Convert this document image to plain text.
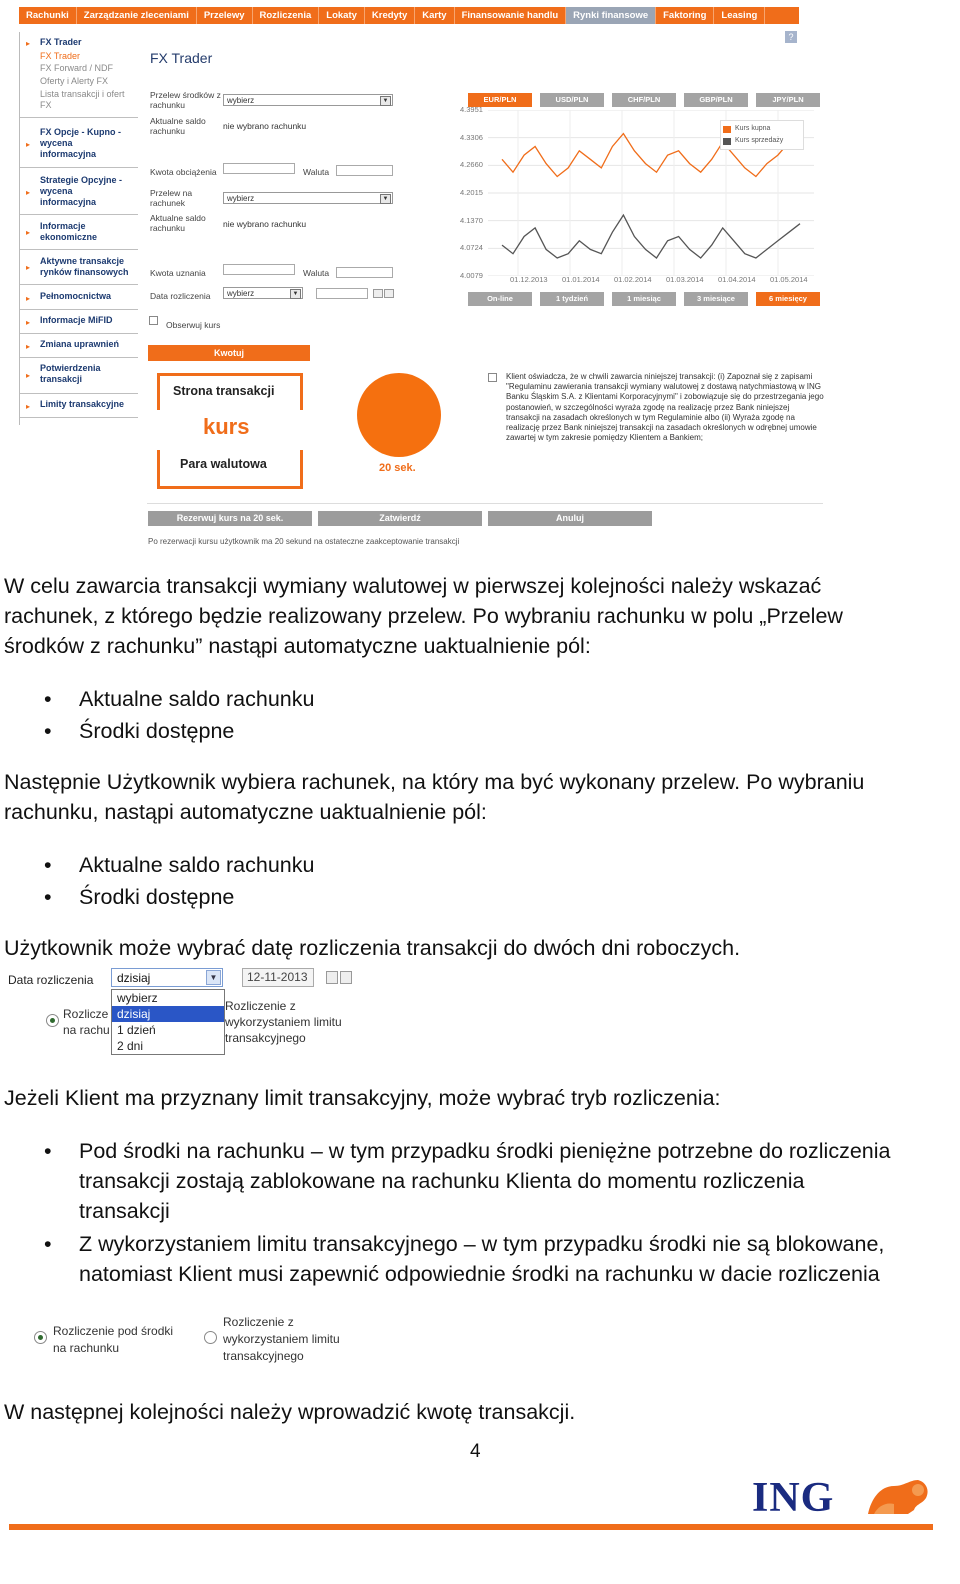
Rachunki	Zarządzanie zleceniami	Przelewy	Rozliczenia	Lokaty	Kredyty	Karty	Finansowanie handlu	Rynki finansowe	Faktoring	Leasing
▸ FX Trader
FX Trader
FX Forward / NDF
Oferty i Alerty FX
Lista transakcji i ofert FX
▸
FX Opcje - Kupno - wycena informacyjna
▸
Strategie Opcyjne - wycena informacyjna
▸
Informacje ekonomiczne
▸
Aktywne transakcje rynków finansowych
▸ Pełnomocnictwa
▸ Informacje MiFID
▸ Zmiana uprawnień
▸
Potwierdzenia transakcji
▸ Limity transakcyjne
FX Trader
?
Przelew środków z rachunku	wybierz	▼
Aktualne saldo rachunku	nie wybrano rachunku
Kwota obciążenia	Waluta
Przelew na rachunek	wybierz	▼
Aktualne saldo rachunku	nie wybrano rachunku
Kwota uznania	Waluta
Data rozliczenia	wybierz	▼
Obserwuj kurs
Kwotuj
Strona transakcji
kurs
Para walutowa	20 sek.
Klient oświadcza, że w chwili zawarcia niniejszej transakcji: (i) Zapoznał się z zapisami "Regulaminu zawierania transakcji wymiany walutowej z dostawą natychmiastową w ING Banku Śląskim S.A. z Klientami Korporacyjnymi" i zobowiązuje się do przestrzegania jego postanowień, w szczególności wyraża zgodę na realizację przez Bank niniejszej transakcji na zasadach określonych w tym Regulaminie albo (ii) Wyraża zgodę na realizację przez Bank niniejszej transakcji na zasadach określonych w odrębnej umowie zawartej w tym zakresie pomiędzy Klientem a Bankiem;
Rezerwuj kurs na 20 sek.	Zatwierdź	Anuluj
Po rezerwacji kursu użytkownik ma 20 sekund na ostateczne zaakceptowanie transakcji
EUR/PLN	USD/PLN	CHF/PLN	GBP/PLN	JPY/PLN
4.3951
4.3306
4.2660
4.2015
4.1370
4.0724
4.0079	01.12.2013 01.01.2014 01.02.2014 01.03.2014 01.04.2014 01.05.2014
Kurs kupna
Kurs sprzedaży
On-line	1 tydzień	1 miesiąc	3 miesiące	6 miesięcy

W celu zawarcia transakcji wymiany walutowej w pierwszej kolejności należy wskazać

rachunek, z którego będzie realizowany przelew. Po wybraniu rachunku w polu „Przelew

środków z rachunku” nastąpi automatyczne uaktualnienie pól:

• Aktualne saldo rachunku
• Środki dostępne

Następnie Użytkownik wybiera rachunek, na który ma być wykonany przelew. Po wybraniu

rachunku, nastąpi automatyczne uaktualnienie pól:

• Aktualne saldo rachunku
• Środki dostępne

Użytkownik może wybrać datę rozliczenia transakcji do dwóch dni roboczych.

Data rozliczenia dzisiaj	▼	12-11-2013
Rozlicze
na rachu
Rozliczenie z
wykorzystaniem limitu
transakcyjnego
wybierz
dzisiaj
1 dzień
2 dni

Jeżeli Klient ma przyznany limit transakcyjny, może wybrać tryb rozliczenia:

• Pod środki na rachunku – w tym przypadku środki pieniężne potrzebne do rozliczenia
transakcji zostają zablokowane na rachunku Klienta do momentu rozliczenia
transakcji
• Z wykorzystaniem limitu transakcyjnego – w tym przypadku środki nie są blokowane,
natomiast Klient musi zapewnić odpowiednie środki na rachunku w dacie rozliczenia
Rozliczenie pod środki
na rachunku
Rozliczenie z
wykorzystaniem limitu
transakcyjnego

W następnej kolejności należy wprowadzić kwotę transakcji.

4
ING
